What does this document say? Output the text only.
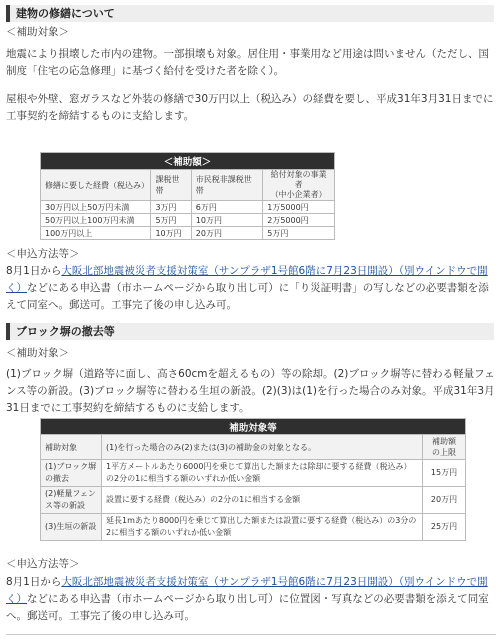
建物の修繕について
＜補助対象＞
地震により損壊した市内の建物。一部損壊も対象。居住用・事業用など用途は問いません（ただし、国制度「住宅の応急修理」に基づく給付を受けた者を除く）。
屋根や外壁、窓ガラスなど外装の修繕で30万円以上（税込み）の経費を要し、平成31年3月31日までに工事契約を締結するものに支給します。
＜補助額＞			
修繕に要した経費（税込み）	課税世帯	市民税非課税世帯	給付対象の事業者
（中小企業者）
30万円以上50万円未満	3万円	6万円	1万5000円
50万円以上100万円未満	5万円	10万円	2万5000円
100万円以上	10万円	20万円	5万円
＜申込方法等＞
8月1日から大阪北部地震被災者支援対策室（サンプラザ1号館6階に7月23日開設）（別ウインドウで開く）などにある申込書（市ホームページから取り出し可）に「り災証明書」の写しなどの必要書類を添えて同室へ。郵送可。工事完了後の申し込み可。
ブロック塀の撤去等
＜補助対象＞
(1)ブロック塀（道路等に面し、高さ60cmを超えるもの）等の除却。(2)ブロック塀等に替わる軽量フェンス等の新設。(3)ブロック塀等に替わる生垣の新設。(2)(3)は(1)を行った場合のみ対象。平成31年3月31日までに工事契約を締結するものに支給します。
補助対象等		
補助対象	(1)を行った場合のみ(2)または(3)の補助金の対象となる。	補助額
の上限
(1)ブロック塀
の撤去	1平方メートルあたり6000円を乗じて算出した額または除却に要する経費（税込み）の2分の1に相当する額のいずれか低い金額	15万円
(2)軽量フェン
ス等の新設	設置に要する経費（税込み）の2分の1に相当する金額	20万円
(3)生垣の新設	延長1mあたり8000円を乗じて算出した額または設置に要する経費（税込み）の3分の2に相当する額のいずれか低い金額	25万円
＜申込方法等＞
8月1日から大阪北部地震被災者支援対策室（サンプラザ1号館6階に7月23日開設）（別ウインドウで開く）などにある申込書（市ホームページから取り出し可）に位置図・写真などの必要書類を添えて同室へ。郵送可。工事完了後の申し込み可。
